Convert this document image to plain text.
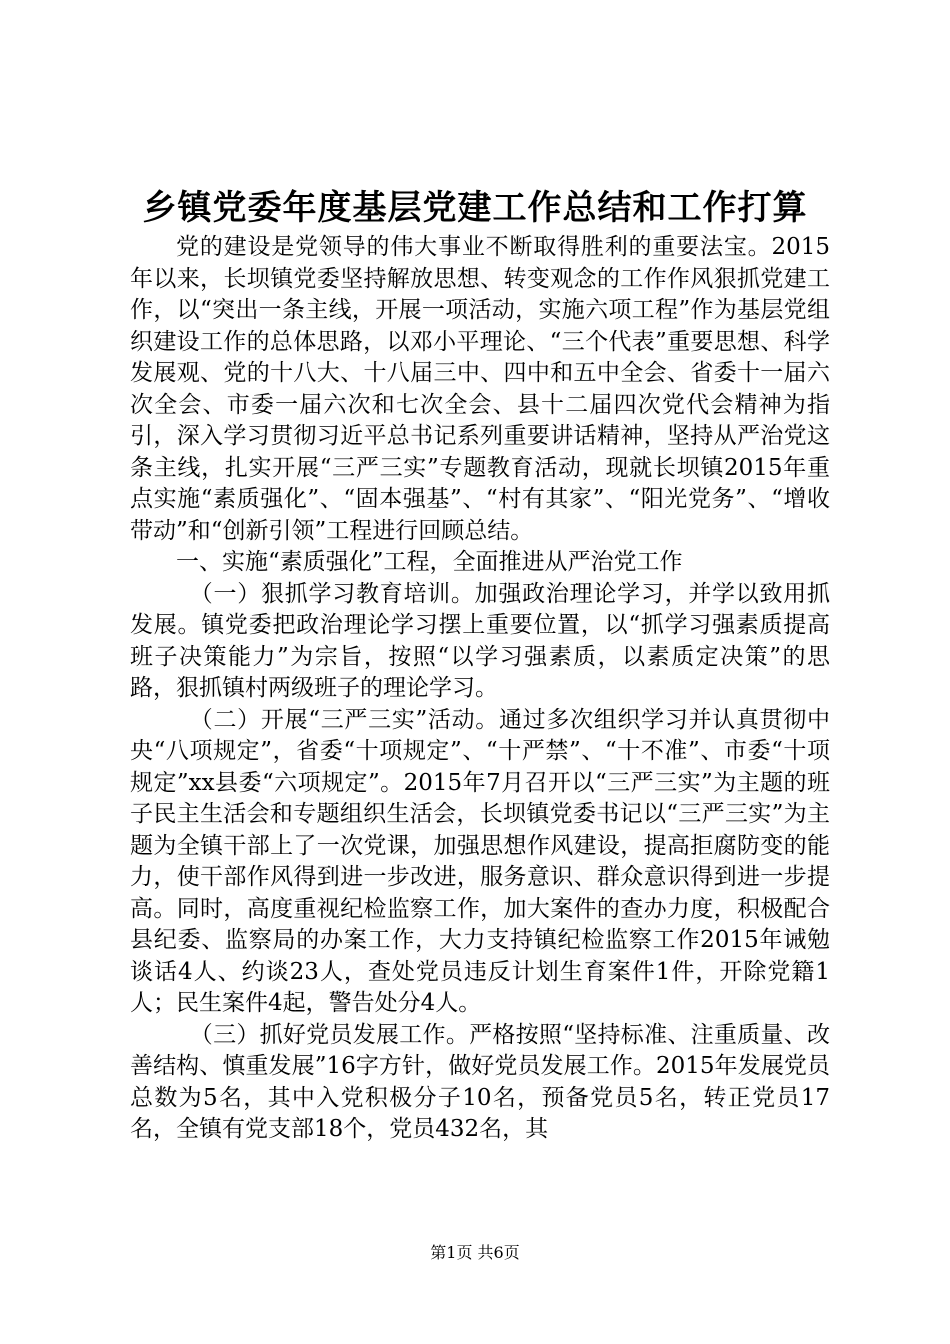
乡镇党委年度基层党建工作总结和工作打算

党的建设是党领导的伟大事业不断取得胜利的重要法宝。2015年以来，长坝镇党委坚持解放思想、转变观念的工作作风狠抓党建工作，以“突出一条主线，开展一项活动，实施六项工程”作为基层党组织建设工作的总体思路，以邓小平理论、“三个代表”重要思想、科学发展观、党的十八大、十八届三中、四中和五中全会、省委十一届六次全会、市委一届六次和七次全会、县十二届四次党代会精神为指引，深入学习贯彻习近平总书记系列重要讲话精神，坚持从严治党这条主线，扎实开展“三严三实”专题教育活动，现就长坝镇2015年重点实施“素质强化”、“固本强基”、“村有其家”、“阳光党务”、“增收带动”和“创新引领”工程进行回顾总结。

一、实施“素质强化”工程，全面推进从严治党工作

（一）狠抓学习教育培训。加强政治理论学习，并学以致用抓发展。镇党委把政治理论学习摆上重要位置，以“抓学习强素质提高班子决策能力”为宗旨，按照“以学习强素质，以素质定决策”的思路，狠抓镇村两级班子的理论学习。

（二）开展“三严三实”活动。通过多次组织学习并认真贯彻中央“八项规定”，省委“十项规定”、“十严禁”、“十不准”、市委“十项规定”xx县委“六项规定”。2015年7月召开以“三严三实”为主题的班子民主生活会和专题组织生活会，长坝镇党委书记以“三严三实”为主题为全镇干部上了一次党课，加强思想作风建设，提高拒腐防变的能力，使干部作风得到进一步改进，服务意识、群众意识得到进一步提高。同时，高度重视纪检监察工作，加大案件的查办力度，积极配合县纪委、监察局的办案工作，大力支持镇纪检监察工作2015年诫勉谈话4人、约谈23人，查处党员违反计划生育案件1件，开除党籍1人；民生案件4起，警告处分4人。

（三）抓好党员发展工作。严格按照“坚持标准、注重质量、改善结构、慎重发展”16字方针，做好党员发展工作。2015年发展党员总数为5名，其中入党积极分子10名，预备党员5名，转正党员17名，全镇有党支部18个，党员432名，其

第1页 共6页
